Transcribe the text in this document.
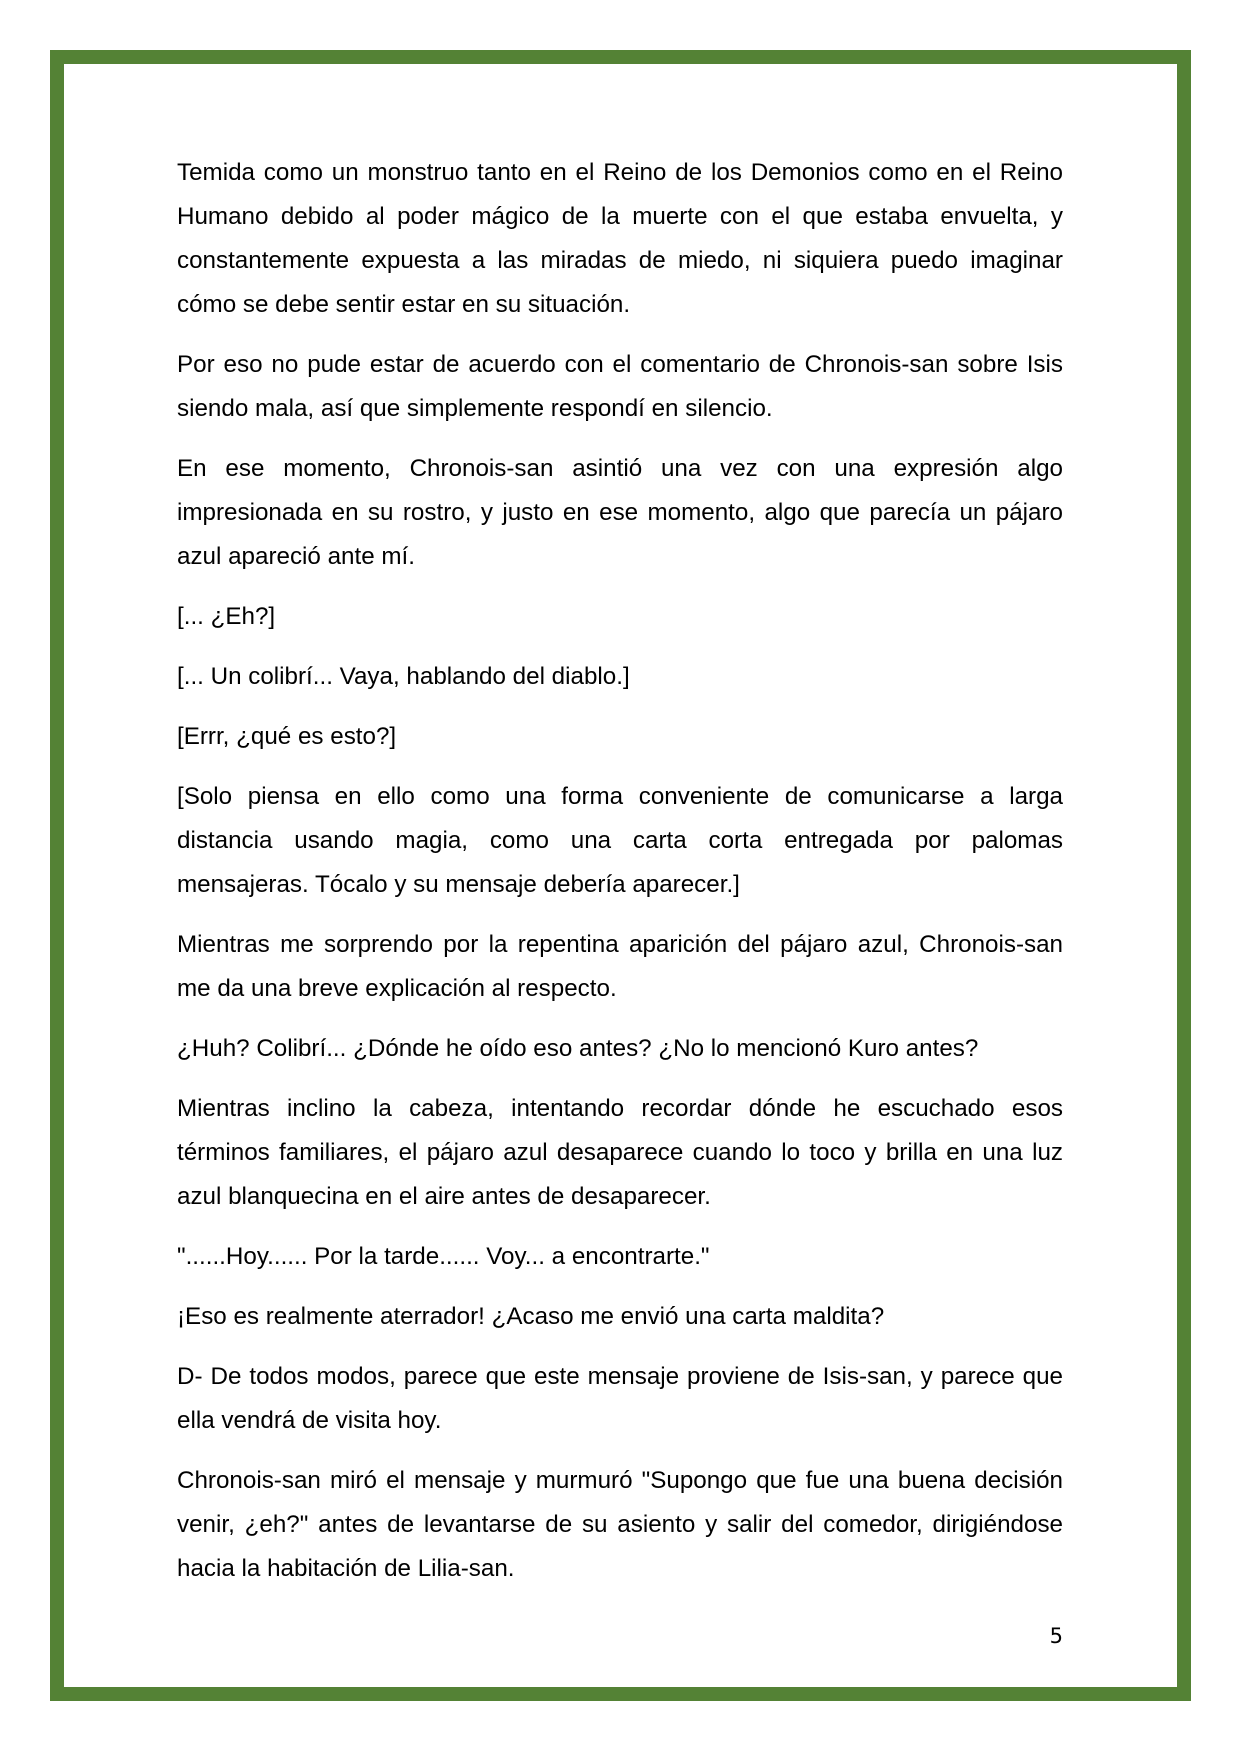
Temida como un monstruo tanto en el Reino de los Demonios como en el Reino Humano debido al poder mágico de la muerte con el que estaba envuelta, y constantemente expuesta a las miradas de miedo, ni siquiera puedo imaginar cómo se debe sentir estar en su situación.

Por eso no pude estar de acuerdo con el comentario de Chronois-san sobre Isis siendo mala, así que simplemente respondí en silencio.

En ese momento, Chronois-san asintió una vez con una expresión algo impresionada en su rostro, y justo en ese momento, algo que parecía un pájaro azul apareció ante mí.

[... ¿Eh?]

[... Un colibrí... Vaya, hablando del diablo.]

[Errr, ¿qué es esto?]

[Solo piensa en ello como una forma conveniente de comunicarse a larga distancia usando magia, como una carta corta entregada por palomas mensajeras. Tócalo y su mensaje debería aparecer.]

Mientras me sorprendo por la repentina aparición del pájaro azul, Chronois-san me da una breve explicación al respecto.

¿Huh? Colibrí... ¿Dónde he oído eso antes? ¿No lo mencionó Kuro antes?

Mientras inclino la cabeza, intentando recordar dónde he escuchado esos términos familiares, el pájaro azul desaparece cuando lo toco y brilla en una luz azul blanquecina en el aire antes de desaparecer.

"......Hoy...... Por la tarde...... Voy... a encontrarte."

¡Eso es realmente aterrador! ¿Acaso me envió una carta maldita?

D- De todos modos, parece que este mensaje proviene de Isis-san, y parece que ella vendrá de visita hoy.

Chronois-san miró el mensaje y murmuró "Supongo que fue una buena decisión venir, ¿eh?" antes de levantarse de su asiento y salir del comedor, dirigiéndose hacia la habitación de Lilia-san.

5
